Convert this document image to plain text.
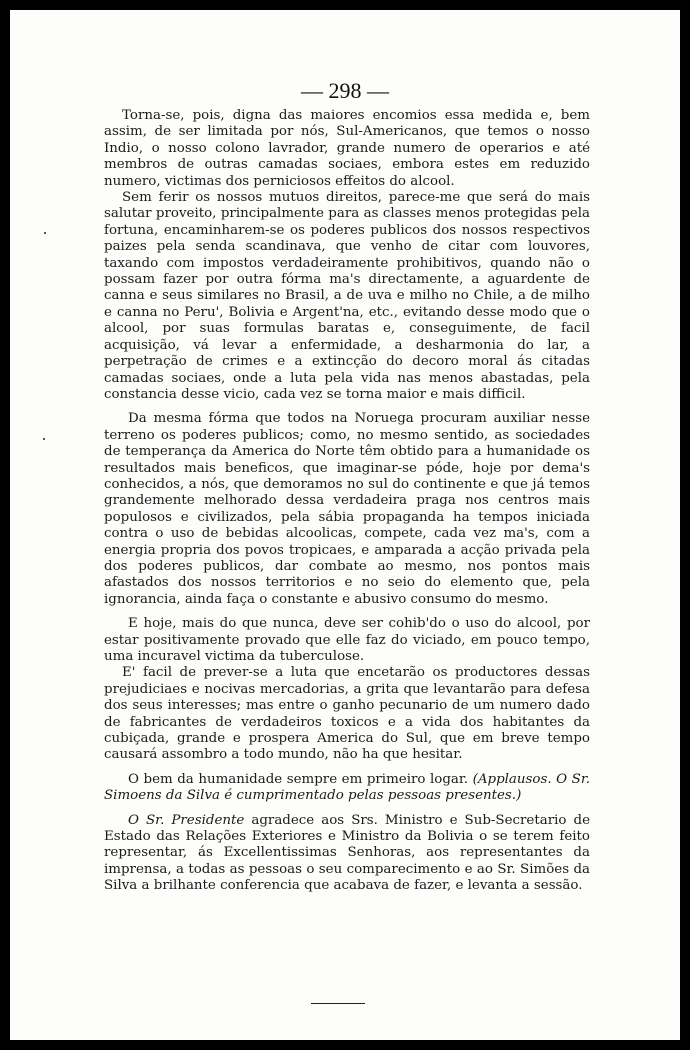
— 298 —

Torna-se, pois, digna das maiores encomios essa medida e, bem assim, de ser limitada por nós, Sul-Americanos, que temos o nosso Indio, o nosso colono lavrador, grande numero de operarios e até membros de outras camadas sociaes, embora estes em reduzido numero, victimas dos perniciosos effeitos do alcool.

Sem ferir os nossos mutuos direitos, parece-me que será do mais salutar proveito, principalmente para as classes menos protegidas pela fortuna, encaminharem-se os poderes publicos dos nossos respectivos paizes pela senda scandinava, que venho de citar com louvores, taxando com impostos verdadeiramente prohibitivos, quando não o possam fazer por outra fórma ma's directamente, a aguardente de canna e seus similares no Brasil, a de uva e milho no Chile, a de milho e canna no Peru', Bolivia e Argent'na, etc., evitando desse modo que o alcool, por suas formulas baratas e, conseguimente, de facil acquisição, vá levar a enfermidade, a desharmonia do lar, a perpetração de crimes e a extincção do decoro moral ás citadas camadas sociaes, onde a luta pela vida nas menos abastadas, pela constancia desse vicio, cada vez se torna maior e mais difficil.

Da mesma fórma que todos na Noruega procuram auxiliar nesse terreno os poderes publicos; como, no mesmo sentido, as sociedades de temperança da America do Norte têm obtido para a humanidade os resultados mais beneficos, que imaginar-se póde, hoje por dema's conhecidos, a nós, que demoramos no sul do continente e que já temos grandemente melhorado dessa verdadeira praga nos centros mais populosos e civilizados, pela sábia propaganda ha tempos iniciada contra o uso de bebidas alcoolicas, compete, cada vez ma's, com a energia propria dos povos tropicaes, e amparada a acção privada pela dos poderes publicos, dar combate ao mesmo, nos pontos mais afastados dos nossos territorios e no seio do elemento que, pela ignorancia, ainda faça o constante e abusivo consumo do mesmo.

E hoje, mais do que nunca, deve ser cohib'do o uso do alcool, por estar positivamente provado que elle faz do viciado, em pouco tempo, uma incuravel victima da tuberculose.

E' facil de prever-se a luta que encetarão os productores dessas prejudiciaes e nocivas mercadorias, a grita que levantarão para defesa dos seus interesses; mas entre o ganho pecunario de um numero dado de fabricantes de verdadeiros toxicos e a vida dos habitantes da cubiçada, grande e prospera America do Sul, que em breve tempo causará assombro a todo mundo, não ha que hesitar.

O bem da humanidade sempre em primeiro logar. (Applausos. O Sr. Simoens da Silva é cumprimentado pelas pessoas presentes.)

O Sr. Presidente agradece aos Srs. Ministro e Sub-Secretario de Estado das Relações Exteriores e Ministro da Bolivia o se terem feito representar, ás Excellentissimas Senhoras, aos representantes da imprensa, a todas as pessoas o seu comparecimento e ao Sr. Simões da Silva a brilhante conferencia que acabava de fazer, e levanta a sessão.
